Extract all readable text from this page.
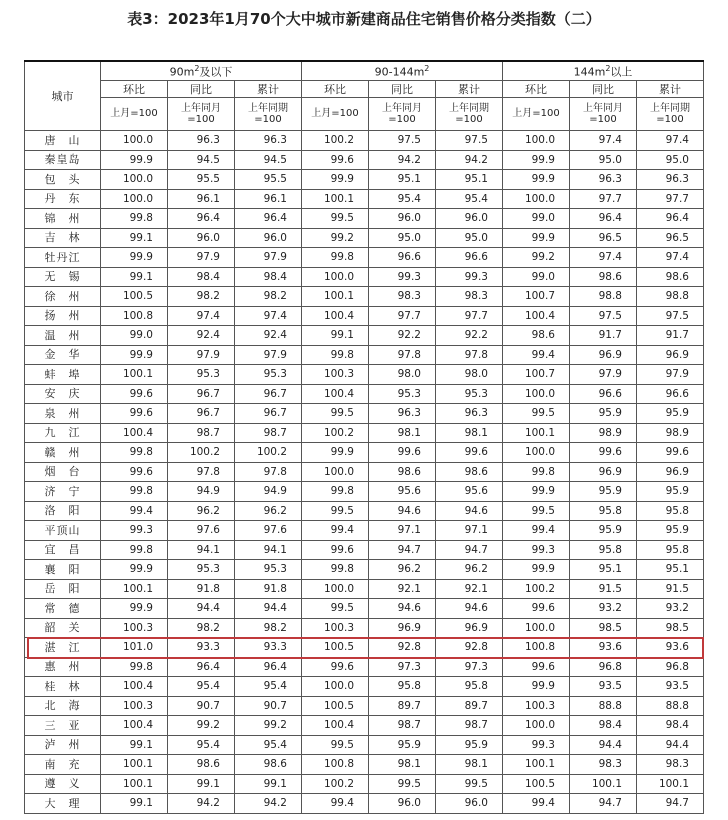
表3：2023年1月70个大中城市新建商品住宅销售价格分类指数（二）
城市	$90m^2$及以下			$90-144m^2$			$144m^2$以上		
	环比	同比	累计	环比	同比	累计	环比	同比	累计
	上月=100	上年同月=100	上年同期=100	上月=100	上年同月=100	上年同期=100	上月=100	上年同月=100	上年同期=100
唐　山	100.0	96.3	96.3	100.2	97.5	97.5	100.0	97.4	97.4
秦皇岛	99.9	94.5	94.5	99.6	94.2	94.2	99.9	95.0	95.0
包　头	100.0	95.5	95.5	99.9	95.1	95.1	99.9	96.3	96.3
丹　东	100.0	96.1	96.1	100.1	95.4	95.4	100.0	97.7	97.7
锦　州	99.8	96.4	96.4	99.5	96.0	96.0	99.0	96.4	96.4
吉　林	99.1	96.0	96.0	99.2	95.0	95.0	99.9	96.5	96.5
牡丹江	99.9	97.9	97.9	99.8	96.6	96.6	99.2	97.4	97.4
无　锡	99.1	98.4	98.4	100.0	99.3	99.3	99.0	98.6	98.6
徐　州	100.5	98.2	98.2	100.1	98.3	98.3	100.7	98.8	98.8
扬　州	100.8	97.4	97.4	100.4	97.7	97.7	100.4	97.5	97.5
温　州	99.0	92.4	92.4	99.1	92.2	92.2	98.6	91.7	91.7
金　华	99.9	97.9	97.9	99.8	97.8	97.8	99.4	96.9	96.9
蚌　埠	100.1	95.3	95.3	100.3	98.0	98.0	100.7	97.9	97.9
安　庆	99.6	96.7	96.7	100.4	95.3	95.3	100.0	96.6	96.6
泉　州	99.6	96.7	96.7	99.5	96.3	96.3	99.5	95.9	95.9
九　江	100.4	98.7	98.7	100.2	98.1	98.1	100.1	98.9	98.9
赣　州	99.8	100.2	100.2	99.9	99.6	99.6	100.0	99.6	99.6
烟　台	99.6	97.8	97.8	100.0	98.6	98.6	99.8	96.9	96.9
济　宁	99.8	94.9	94.9	99.8	95.6	95.6	99.9	95.9	95.9
洛　阳	99.4	96.2	96.2	99.5	94.6	94.6	99.5	95.8	95.8
平顶山	99.3	97.6	97.6	99.4	97.1	97.1	99.4	95.9	95.9
宜　昌	99.8	94.1	94.1	99.6	94.7	94.7	99.3	95.8	95.8
襄　阳	99.9	95.3	95.3	99.8	96.2	96.2	99.9	95.1	95.1
岳　阳	100.1	91.8	91.8	100.0	92.1	92.1	100.2	91.5	91.5
常　德	99.9	94.4	94.4	99.5	94.6	94.6	99.6	93.2	93.2
韶　关	100.3	98.2	98.2	100.3	96.9	96.9	100.0	98.5	98.5
湛　江	101.0	93.3	93.3	100.5	92.8	92.8	100.8	93.6	93.6
惠　州	99.8	96.4	96.4	99.6	97.3	97.3	99.6	96.8	96.8
桂　林	100.4	95.4	95.4	100.0	95.8	95.8	99.9	93.5	93.5
北　海	100.3	90.7	90.7	100.5	89.7	89.7	100.3	88.8	88.8
三　亚	100.4	99.2	99.2	100.4	98.7	98.7	100.0	98.4	98.4
泸　州	99.1	95.4	95.4	99.5	95.9	95.9	99.3	94.4	94.4
南　充	100.1	98.6	98.6	100.8	98.1	98.1	100.1	98.3	98.3
遵　义	100.1	99.1	99.1	100.2	99.5	99.5	100.5	100.1	100.1
大　理	99.1	94.2	94.2	99.4	96.0	96.0	99.4	94.7	94.7
